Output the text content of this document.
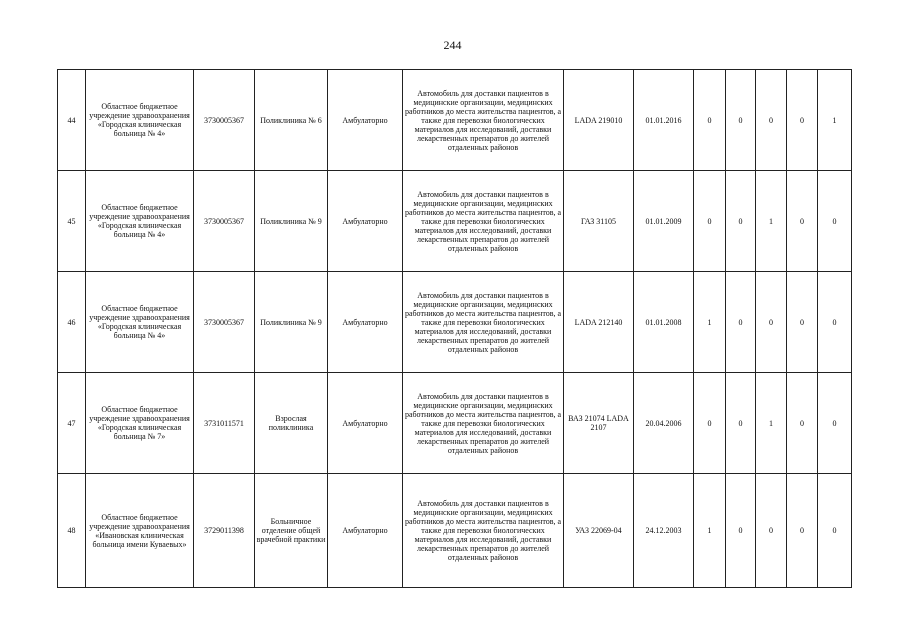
244
44	Областное бюджетное учреждение здравоохранения «Городская клиническая больница № 4»	3730005367	Поликлиника № 6	Амбулаторно	Автомобиль для доставки пациентов в медицинские организации, медицинских работников до места жительства пациентов, а также для перевозки биологических материалов для исследований, доставки лекарственных препаратов до жителей отдаленных районов	LADA 219010	01.01.2016	0	0	0	0	1
45	Областное бюджетное учреждение здравоохранения «Городская клиническая больница № 4»	3730005367	Поликлиника № 9	Амбулаторно	Автомобиль для доставки пациентов в медицинские организации, медицинских работников до места жительства пациентов, а также для перевозки биологических материалов для исследований, доставки лекарственных препаратов до жителей отдаленных районов	ГАЗ 31105	01.01.2009	0	0	1	0	0
46	Областное бюджетное учреждение здравоохранения «Городская клиническая больница № 4»	3730005367	Поликлиника № 9	Амбулаторно	Автомобиль для доставки пациентов в медицинские организации, медицинских работников до места жительства пациентов, а также для перевозки биологических материалов для исследований, доставки лекарственных препаратов до жителей отдаленных районов	LADA 212140	01.01.2008	1	0	0	0	0
47	Областное бюджетное учреждение здравоохранения «Городская клиническая больница № 7»	3731011571	Взрослая поликлиника	Амбулаторно	Автомобиль для доставки пациентов в медицинские организации, медицинских работников до места жительства пациентов, а также для перевозки биологических материалов для исследований, доставки лекарственных препаратов до жителей отдаленных районов	ВАЗ 21074 LADA 2107	20.04.2006	0	0	1	0	0
48	Областное бюджетное учреждение здравоохранения «Ивановская клиническая больница имени Куваевых»	3729011398	Больничное отделение общей врачебной практики	Амбулаторно	Автомобиль для доставки пациентов в медицинские организации, медицинских работников до места жительства пациентов, а также для перевозки биологических материалов для исследований, доставки лекарственных препаратов до жителей отдаленных районов	УАЗ 22069-04	24.12.2003	1	0	0	0	0
